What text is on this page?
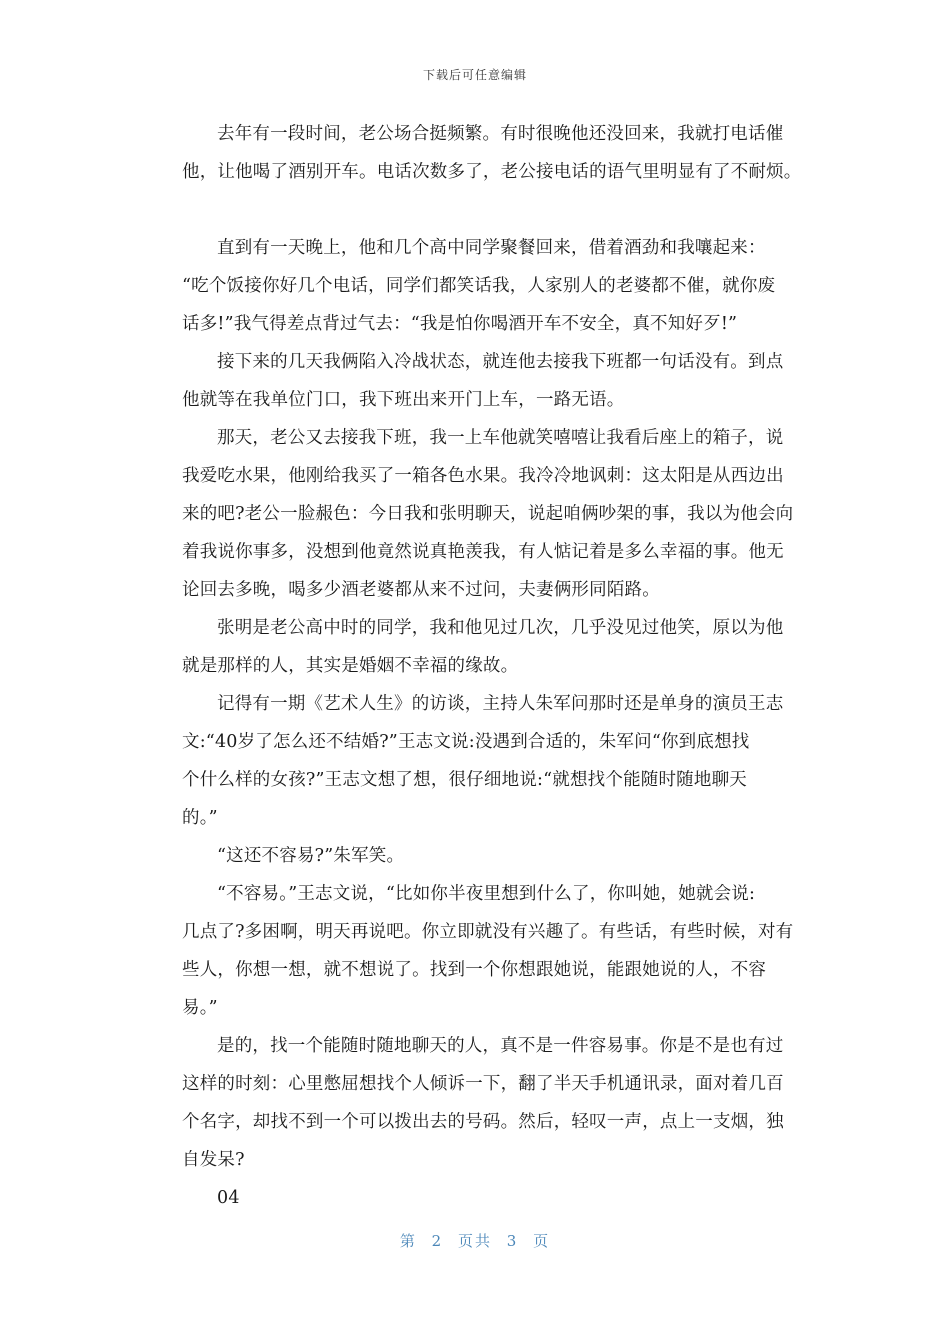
下载后可任意编辑
去年有一段时间，老公场合挺频繁。有时很晚他还没回来，我就打电话催
他，让他喝了酒别开车。电话次数多了，老公接电话的语气里明显有了不耐烦。
直到有一天晚上，他和几个高中同学聚餐回来，借着酒劲和我嚷起来：
“吃个饭接你好几个电话，同学们都笑话我，人家别人的老婆都不催，就你废
话多!”我气得差点背过气去：“我是怕你喝酒开车不安全，真不知好歹!”
接下来的几天我俩陷入冷战状态，就连他去接我下班都一句话没有。到点
他就等在我单位门口，我下班出来开门上车，一路无语。
那天，老公又去接我下班，我一上车他就笑嘻嘻让我看后座上的箱子，说
我爱吃水果，他刚给我买了一箱各色水果。我冷冷地讽刺：这太阳是从西边出
来的吧?老公一脸赧色：今日我和张明聊天，说起咱俩吵架的事，我以为他会向
着我说你事多，没想到他竟然说真艳羡我，有人惦记着是多么幸福的事。他无
论回去多晚，喝多少酒老婆都从来不过问，夫妻俩形同陌路。
张明是老公高中时的同学，我和他见过几次，几乎没见过他笑，原以为他
就是那样的人，其实是婚姻不幸福的缘故。
记得有一期《艺术人生》的访谈，主持人朱军问那时还是单身的演员王志
文:“40岁了怎么还不结婚?”王志文说:没遇到合适的，朱军问“你到底想找
个什么样的女孩?”王志文想了想，很仔细地说:“就想找个能随时随地聊天
的。”
“这还不容易?”朱军笑。
“不容易。”王志文说，“比如你半夜里想到什么了，你叫她，她就会说:
几点了?多困啊，明天再说吧。你立即就没有兴趣了。有些话，有些时候，对有
些人，你想一想，就不想说了。找到一个你想跟她说，能跟她说的人，不容
易。”
是的，找一个能随时随地聊天的人，真不是一件容易事。你是不是也有过
这样的时刻：心里憋屈想找个人倾诉一下，翻了半天手机通讯录，面对着几百
个名字，却找不到一个可以拨出去的号码。然后，轻叹一声，点上一支烟，独
自发呆?
04
第 2 页共 3 页
